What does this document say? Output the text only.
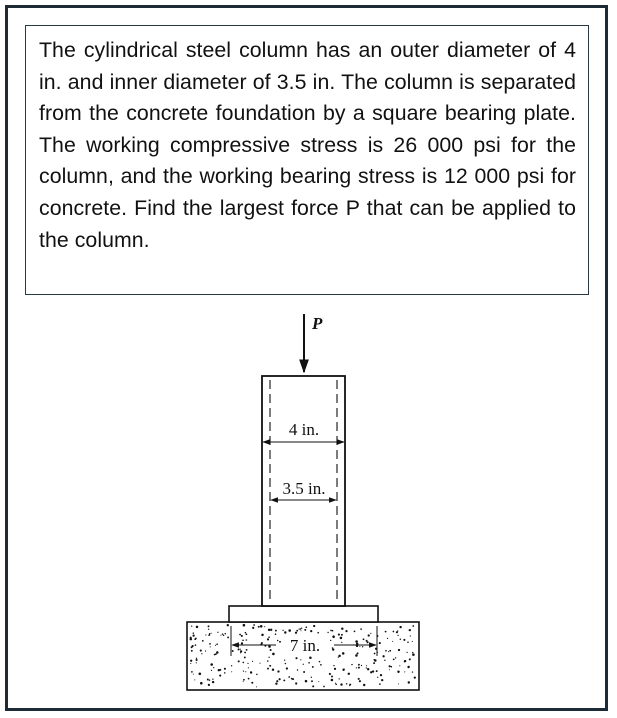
The cylindrical steel column has an outer diameter of 4 in. and inner diameter of 3.5 in. The column is separated from the concrete foundation by a square bearing plate. The working compressive stress is 26 000 psi for the column, and the working bearing stress is 12 000 psi for concrete. Find the largest force P that can be applied to the column.

P
4 in.
3.5 in.
7 in.
